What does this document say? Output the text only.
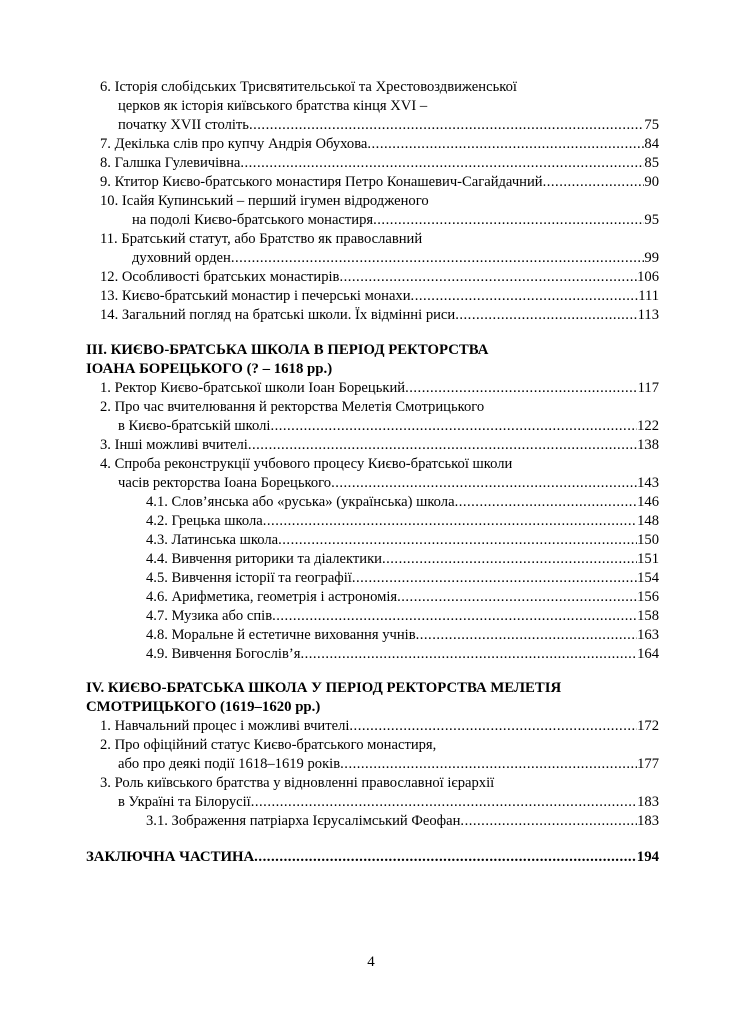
6. Історія слобідських Трисвятительської та Хрестовоздвиженської
церков як історія київського братства кінця XVI –
початку XVII століть .....	75
7. Декілька слів про купчу Андрія Обухова .....	84
8. Галшка Гулевичівна .....	85
9. Ктитор Києво-братського монастиря Петро Конашевич-Сагайдачний .....	90
10. Ісайя Купинський – перший ігумен відродженого
на подолі Києво-братського монастиря .....	95
11. Братський статут, або Братство як православний
духовний орден .....	99
12. Особливості братських монастирів .....	106
13. Києво-братський монастир і печерські монахи .....	111
14. Загальний погляд на братські школи. Їх відмінні риси .....	113
III. КИЄВО-БРАТСЬКА ШКОЛА В ПЕРІОД РЕКТОРСТВА
ІОАНА БОРЕЦЬКОГО (? – 1618 рр.)
1. Ректор Києво-братської школи Іоан Борецький .....	117
2. Про час вчителювання й ректорства Мелетія Смотрицького
в Києво-братській школі .....	122
3. Інші можливі вчителі .....	138
4. Спроба реконструкції учбового процесу Києво-братської школи
часів ректорства Іоана Борецького .....	143
4.1. Слов’янська або «руська» (українська) школа .....	146
4.2. Грецька школа .....	148
4.3. Латинська школа .....	150
4.4. Вивчення риторики та діалектики .....	151
4.5. Вивчення історії та географії .....	154
4.6. Арифметика, геометрія і астрономія .....	156
4.7. Музика або спів .....	158
4.8. Моральне й естетичне виховання учнів .....	163
4.9. Вивчення Богослів’я .....	164
IV. КИЄВО-БРАТСЬКА ШКОЛА У ПЕРІОД РЕКТОРСТВА МЕЛЕТІЯ
СМОТРИЦЬКОГО (1619–1620 рр.)
1. Навчальний процес і можливі вчителі .....	172
2. Про офіційний статус Києво-братського монастиря,
або про деякі події 1618–1619 років .....	177
3. Роль київського братства у відновленні православної ієрархії
в Україні та Білорусії .....	183
3.1. Зображення патріарха Ієрусалімський Феофан .....	183
ЗАКЛЮЧНА ЧАСТИНА .....	194
4
